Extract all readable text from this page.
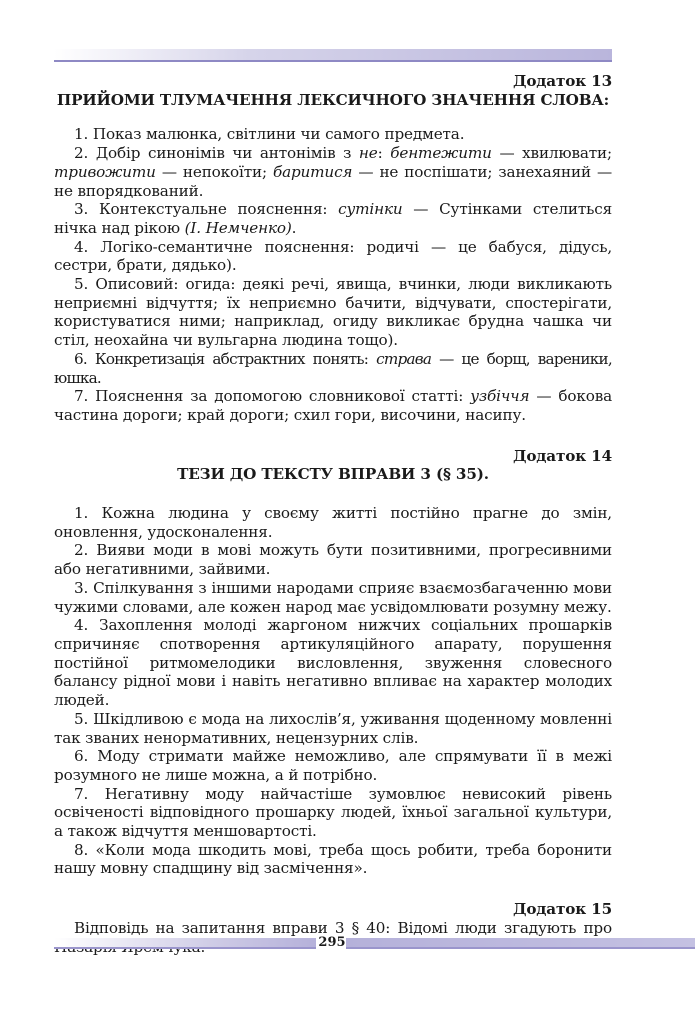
Додаток 13

ПРИЙОМИ ТЛУМАЧЕННЯ ЛЕКСИЧНОГО ЗНАЧЕННЯ СЛОВА:

1. Показ малюнка, світлини чи самого предмета.

2. Добір синонімів чи антонімів з не: бентежити — хвилювати; тривожити — непокоїти; баритися — не поспішати; занехаяний — не впорядкований.

3. Контекстуальне пояснення: сутінки — Сутінками стелиться нічка над рікою (І. Немченко).

4. Логіко-семантичне пояснення: родичі — це бабуся, дідусь, сестри, брати, дядько).

5. Описовий: огида: деякі речі, явища, вчинки, люди викликають неприємні відчуття; їх неприємно бачити, відчувати, спостерігати, користуватися ними; наприклад, огиду викликає брудна чашка чи стіл, неохайна чи вульгарна людина тощо).

6. Конкретизація абстрактних понять: страва — це борщ, вареники, юшка.

7. Пояснення за допомогою словникової статті: узбіччя — бокова частина дороги; край дороги; схил гори, височини, насипу.

Додаток 14

ТЕЗИ ДО ТЕКСТУ ВПРАВИ 3 (§ 35).

1. Кожна людина у своєму житті постійно прагне до змін, оновлення, удосконалення.

2. Вияви моди в мові можуть бути позитивними, прогресивними або негативними, зайвими.

3. Спілкування з іншими народами сприяє взаємозбагаченню мови чужими словами, але кожен народ має усвідомлювати розумну межу.

4. Захоплення молоді жаргоном нижчих соціальних прошарків спричиняє спотворення артикуляційного апарату, порушення постійної ритмомелодики висловлення, звуження словесного балансу рідної мови і навіть негативно впливає на характер молодих людей.

5. Шкідливою є мода на лихослів’я, уживання щоденному мовленні так званих ненормативних, нецензурних слів.

6. Моду стримати майже неможливо, але спрямувати її в межі розумного не лише можна, а й потрібно.

7. Негативну моду найчастіше зумовлює невисокий рівень освіченості відповідного прошарку людей, їхньої загальної культури, а також відчуття меншовартості.

8. «Коли мода шкодить мові, треба щось робити, треба боронити нашу мовну спадщину від засмічення».

Додаток 15

Відповідь на запитання вправи 3 § 40: Відомі люди згадують про

295
